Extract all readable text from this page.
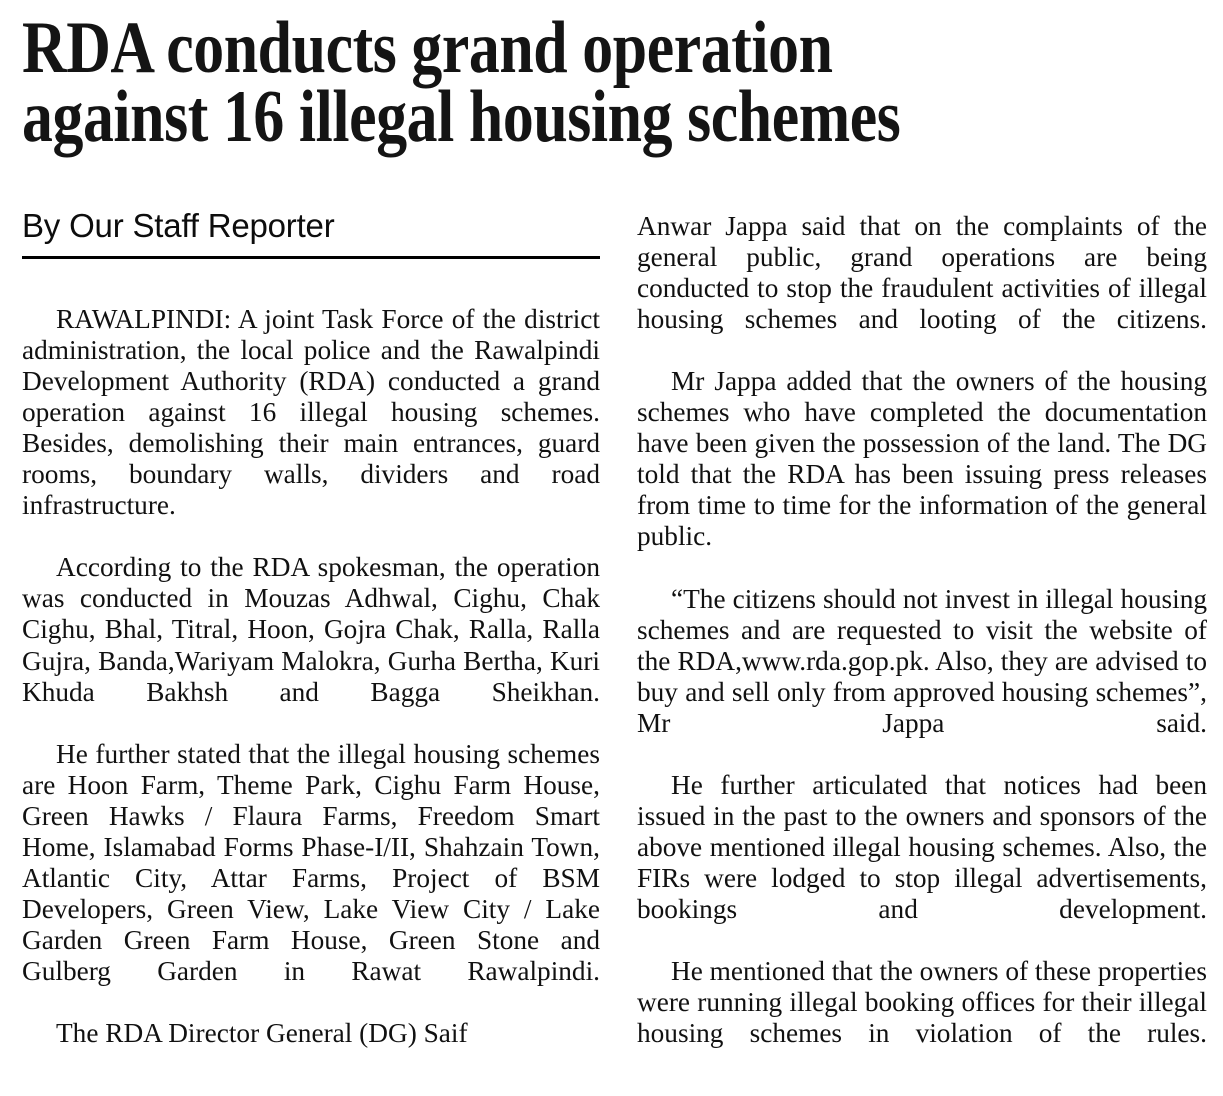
RDA conducts grand operation
against 16 illegal housing schemes
By Our Staff Reporter

RAWALPINDI: A joint Task Force of the district administration, the local police and the Rawalpindi Development Authority (RDA) conducted a grand operation against 16 illegal housing schemes. Besides, demolishing their main entrances, guard rooms, boundary walls, dividers and road infrastructure.

According to the RDA spokesman, the operation was conducted in Mouzas Adhwal, Cighu, Chak Cighu, Bhal, Titral, Hoon, Gojra Chak, Ralla, Ralla Gujra, Banda,Wariyam Malokra, Gurha Bertha, Kuri Khuda Bakhsh and Bagga Sheikhan.

He further stated that the illegal housing schemes are Hoon Farm, Theme Park, Cighu Farm House, Green Hawks / Flaura Farms, Freedom Smart Home, Islamabad Forms Phase-I/II, Shahzain Town, Atlantic City, Attar Farms, Project of BSM Developers, Green View, Lake View City / Lake Garden Green Farm House, Green Stone and Gulberg Garden in Rawat Rawalpindi.

The RDA Director General (DG) Saif

Anwar Jappa said that on the complaints of the general public, grand operations are being conducted to stop the fraudulent activities of illegal housing schemes and looting of the citizens.

Mr Jappa added that the owners of the housing schemes who have completed the documentation have been given the possession of the land. The DG told that the RDA has been issuing press releases from time to time for the information of the general public.

“The citizens should not invest in illegal housing schemes and are requested to visit the website of the RDA,www.rda.gop.pk. Also, they are advised to buy and sell only from approved housing schemes”, Mr Jappa said.

He further articulated that notices had been issued in the past to the owners and sponsors of the above mentioned illegal housing schemes. Also, the FIRs were lodged to stop illegal advertisements, bookings and development.

He mentioned that the owners of these properties were running illegal booking offices for their illegal housing schemes in violation of the rules.
